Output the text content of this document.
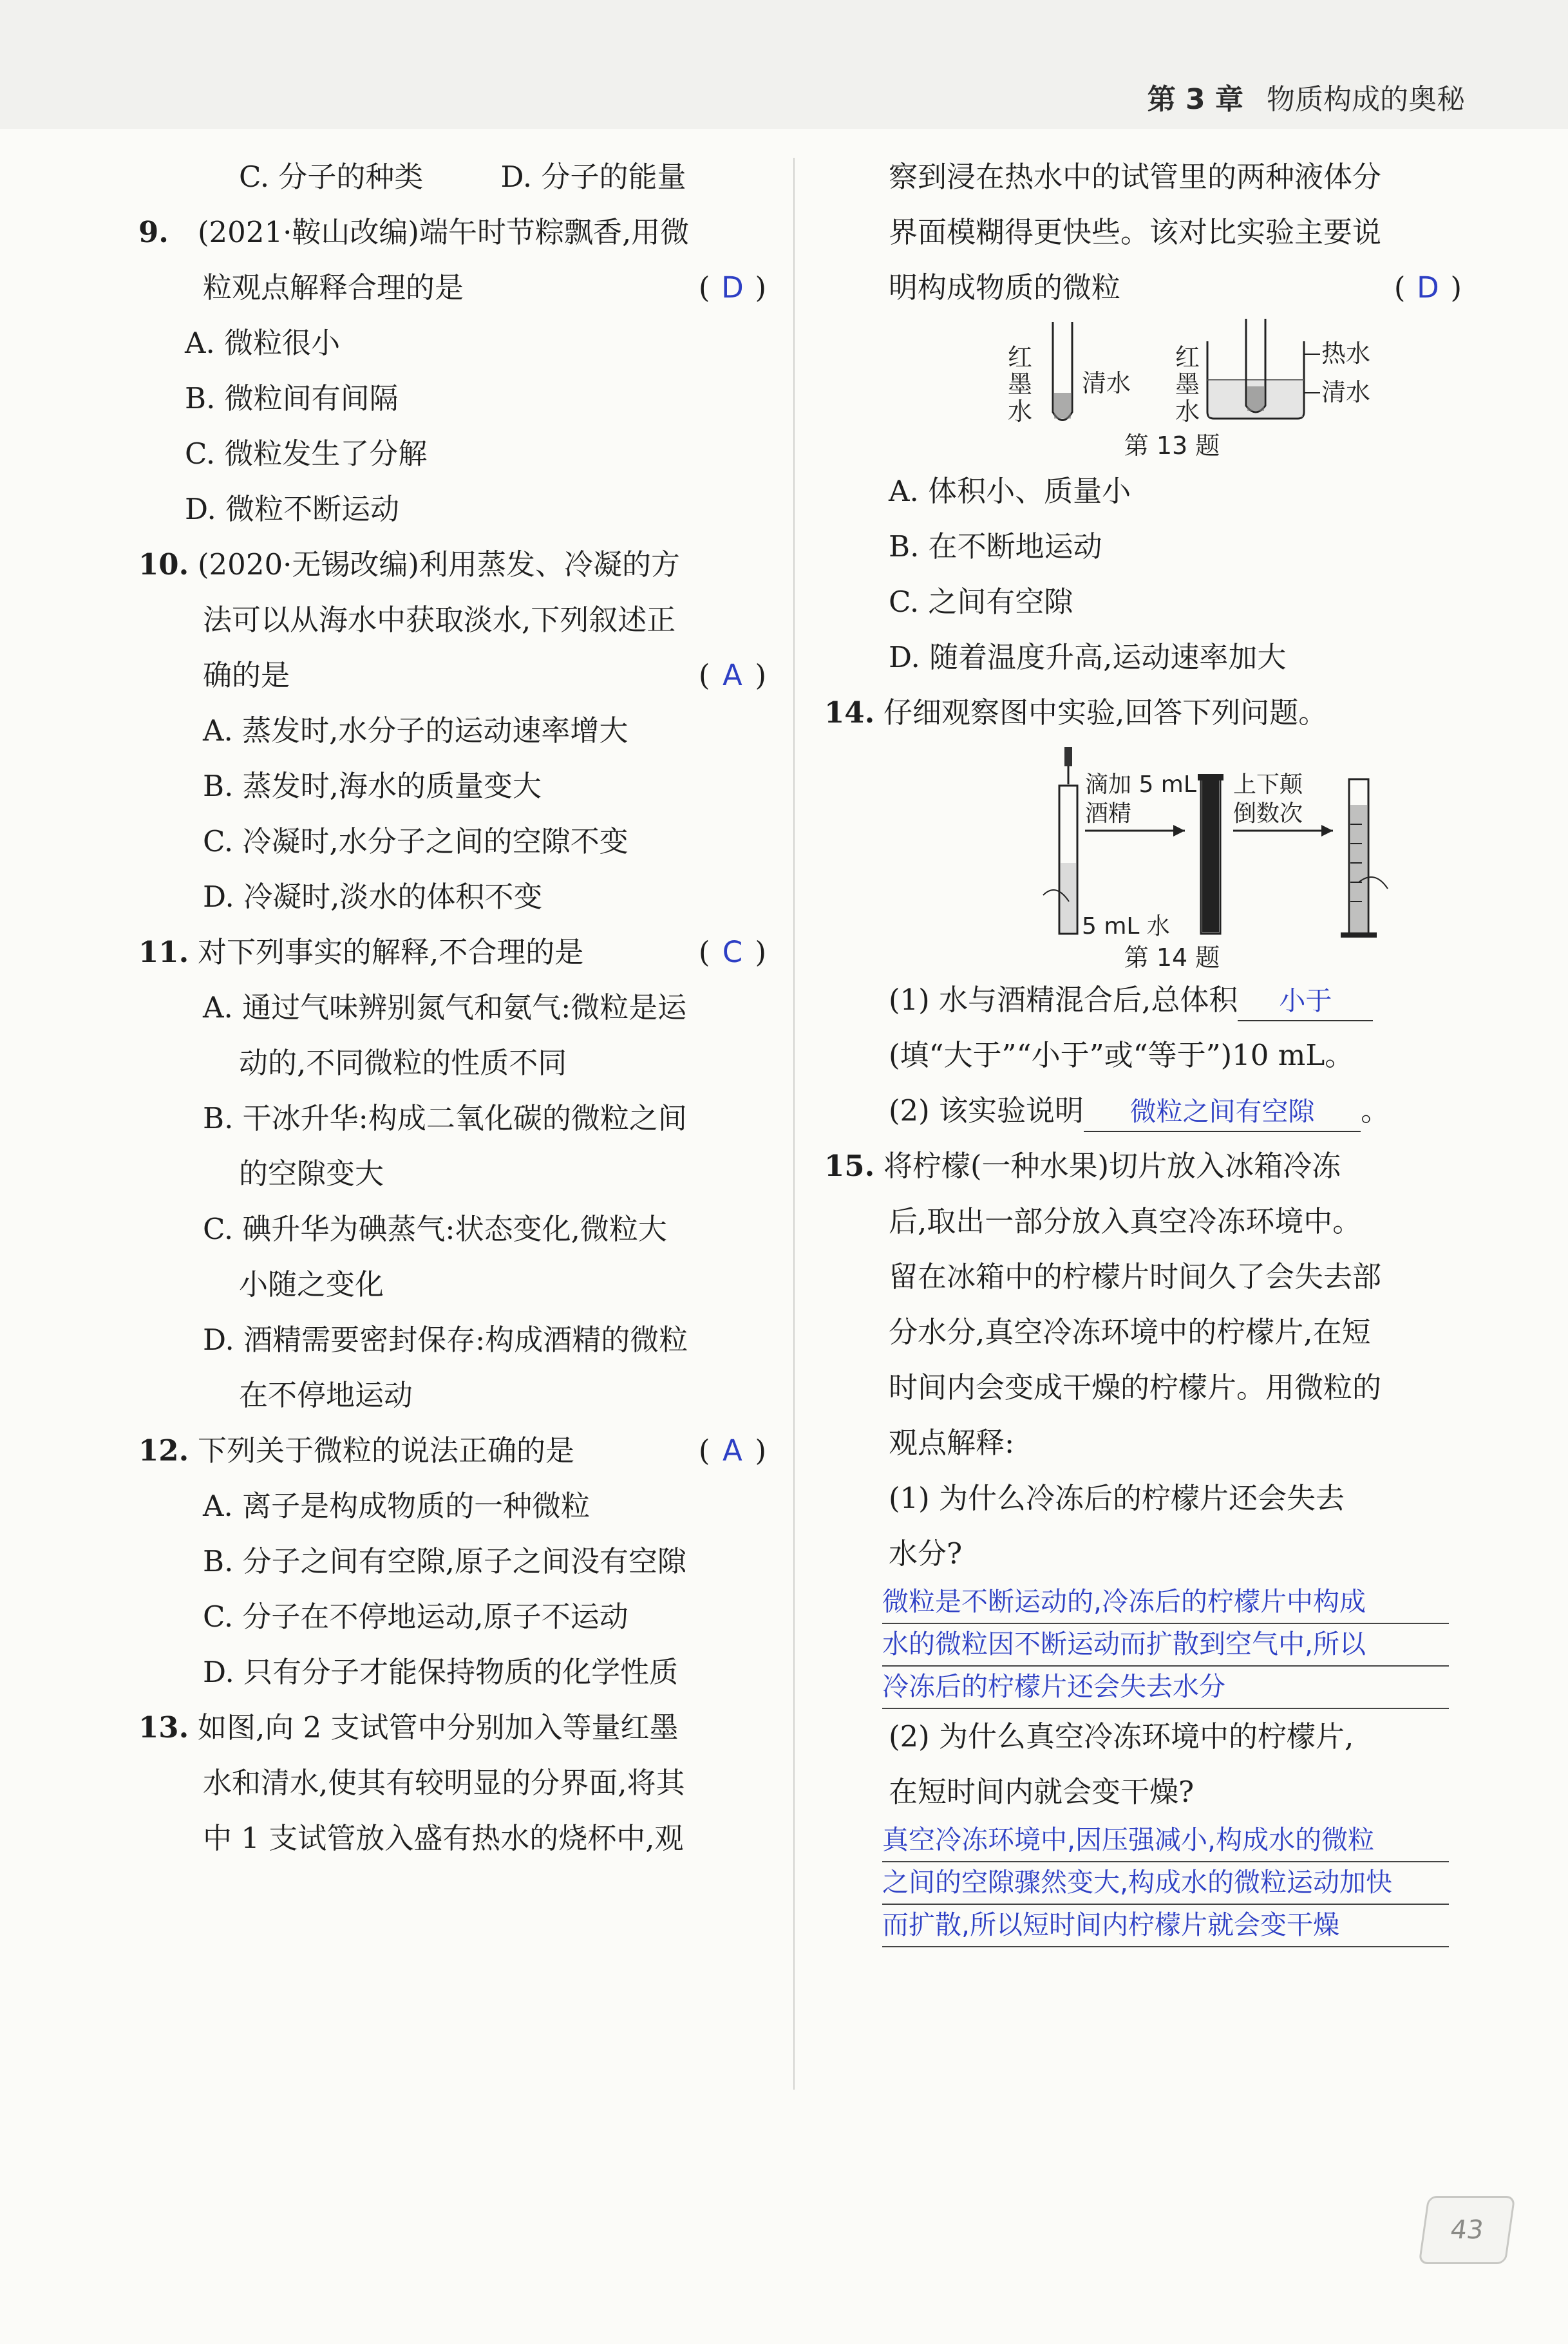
第 3 章 物质构成的奥秘
C. 分子的种类	D. 分子的能量
9. (2021·鞍山改编)端午时节粽飘香,用微
粒观点解释合理的是	( D )
A. 微粒很小
B. 微粒间有间隔
C. 微粒发生了分解
D. 微粒不断运动
10. (2020·无锡改编)利用蒸发、冷凝的方
法可以从海水中获取淡水,下列叙述正
确的是	( A )
A. 蒸发时,水分子的运动速率增大
B. 蒸发时,海水的质量变大
C. 冷凝时,水分子之间的空隙不变
D. 冷凝时,淡水的体积不变
11. 对下列事实的解释,不合理的是	( C )
A. 通过气味辨别氮气和氨气:微粒是运
动的,不同微粒的性质不同
B. 干冰升华:构成二氧化碳的微粒之间
的空隙变大
C. 碘升华为碘蒸气:状态变化,微粒大
小随之变化
D. 酒精需要密封保存:构成酒精的微粒
在不停地运动
12. 下列关于微粒的说法正确的是	( A )
A. 离子是构成物质的一种微粒
B. 分子之间有空隙,原子之间没有空隙
C. 分子在不停地运动,原子不运动
D. 只有分子才能保持物质的化学性质
13. 如图,向 2 支试管中分别加入等量红墨
水和清水,使其有较明显的分界面,将其
中 1 支试管放入盛有热水的烧杯中,观
察到浸在热水中的试管里的两种液体分
界面模糊得更快些。该对比实验主要说
明构成物质的微粒	( D )
红
墨
水
清水
红
墨
水
热水
清水
第 13 题
A. 体积小、质量小
B. 在不断地运动
C. 之间有空隙
D. 随着温度升高,运动速率加大
14. 仔细观察图中实验,回答下列问题。
滴加 5 mL
酒精
5 mL 水
上下颠
倒数次
第 14 题
(1) 水与酒精混合后,总体积 小于
(填“大于”“小于”或“等于”)10 mL。
(2) 该实验说明 微粒之间有空隙 。
15. 将柠檬(一种水果)切片放入冰箱冷冻
后,取出一部分放入真空冷冻环境中。
留在冰箱中的柠檬片时间久了会失去部
分水分,真空冷冻环境中的柠檬片,在短
时间内会变成干燥的柠檬片。用微粒的
观点解释:
(1) 为什么冷冻后的柠檬片还会失去
水分?
微粒是不断运动的,冷冻后的柠檬片中构成
水的微粒因不断运动而扩散到空气中,所以
冷冻后的柠檬片还会失去水分
(2) 为什么真空冷冻环境中的柠檬片,
在短时间内就会变干燥?
真空冷冻环境中,因压强减小,构成水的微粒
之间的空隙骤然变大,构成水的微粒运动加快
而扩散,所以短时间内柠檬片就会变干燥
43
